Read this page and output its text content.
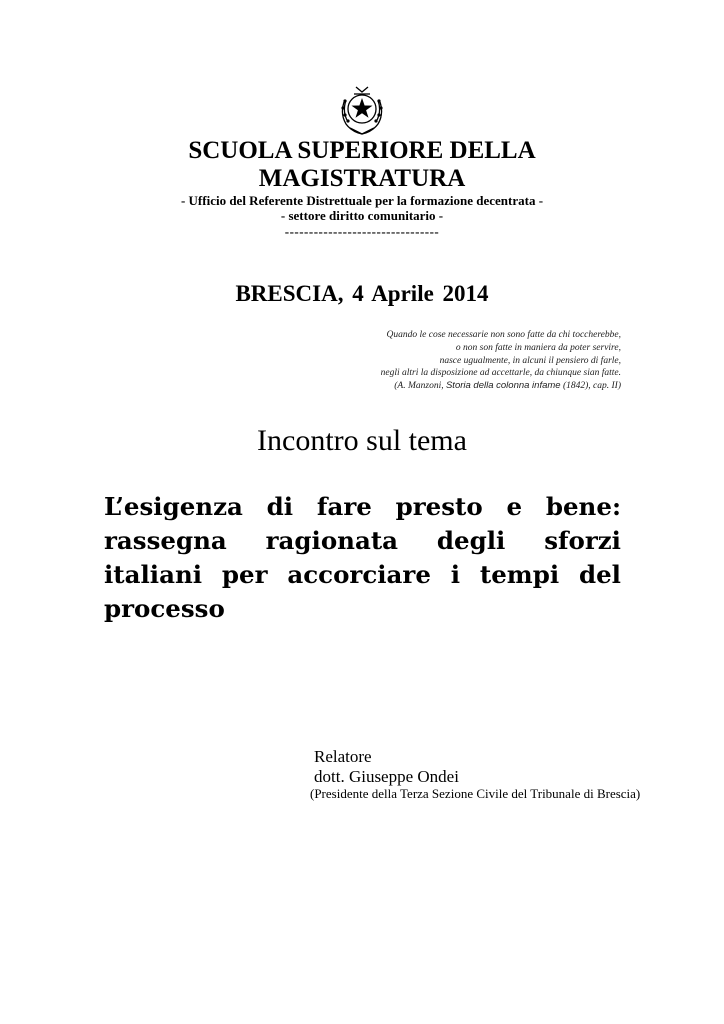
SCUOLA SUPERIORE DELLA
MAGISTRATURA
- Ufficio del Referente Distrettuale per la formazione decentrata -
- settore diritto comunitario -
--------------------------------
BRESCIA, 4 Aprile 2014
Quando le cose necessarie non sono fatte da chi toccherebbe,
o non son fatte in maniera da poter servire,
nasce ugualmente, in alcuni il pensiero di farle,
negli altri la disposizione ad accettarle, da chiunque sian fatte.
(A. Manzoni, Storia della colonna infame (1842), cap. II)
Incontro sul tema
L’esigenza di fare presto e bene: rassegna ragionata degli sforzi italiani per accorciare i tempi del processo
Relatore
dott. Giuseppe Ondei
(Presidente della Terza Sezione Civile del Tribunale di Brescia)
